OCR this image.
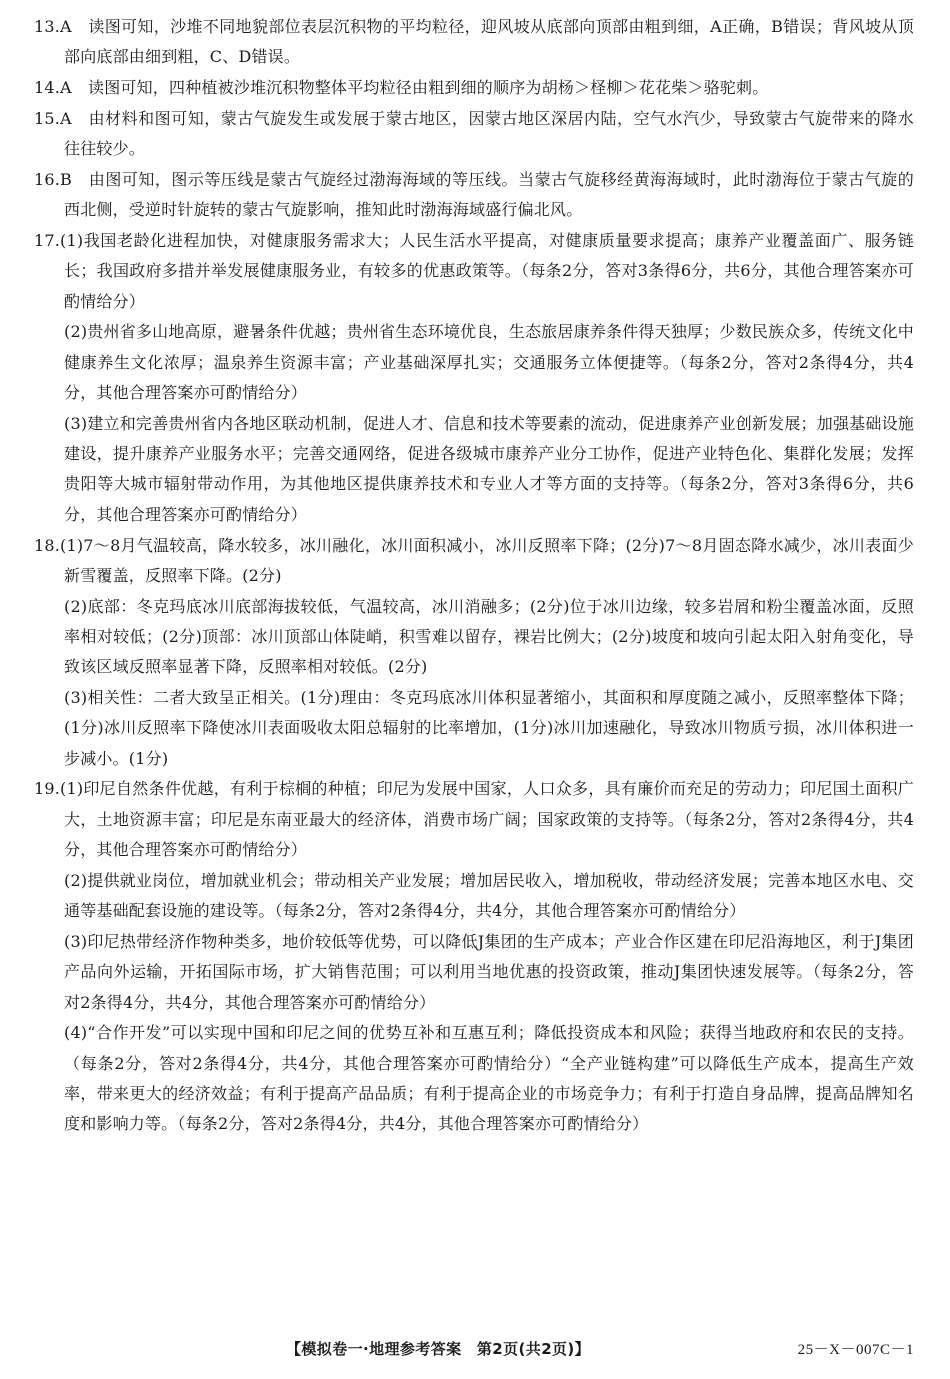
13.A　读图可知，沙堆不同地貌部位表层沉积物的平均粒径，迎风坡从底部向顶部由粗到细，A正确，B错误；背风坡从顶部向底部由细到粗，C、D错误。

14.A　读图可知，四种植被沙堆沉积物整体平均粒径由粗到细的顺序为胡杨＞柽柳＞花花柴＞骆驼刺。

15.A　由材料和图可知，蒙古气旋发生或发展于蒙古地区，因蒙古地区深居内陆，空气水汽少，导致蒙古气旋带来的降水往往较少。

16.B　由图可知，图示等压线是蒙古气旋经过渤海海域的等压线。当蒙古气旋移经黄海海域时，此时渤海位于蒙古气旋的西北侧，受逆时针旋转的蒙古气旋影响，推知此时渤海海域盛行偏北风。

17.(1)我国老龄化进程加快，对健康服务需求大；人民生活水平提高，对健康质量要求提高；康养产业覆盖面广、服务链长；我国政府多措并举发展健康服务业，有较多的优惠政策等。（每条2分，答对3条得6分，共6分，其他合理答案亦可酌情给分）

(2)贵州省多山地高原，避暑条件优越；贵州省生态环境优良，生态旅居康养条件得天独厚；少数民族众多，传统文化中健康养生文化浓厚；温泉养生资源丰富；产业基础深厚扎实；交通服务立体便捷等。（每条2分，答对2条得4分，共4分，其他合理答案亦可酌情给分）

(3)建立和完善贵州省内各地区联动机制，促进人才、信息和技术等要素的流动，促进康养产业创新发展；加强基础设施建设，提升康养产业服务水平；完善交通网络，促进各级城市康养产业分工协作，促进产业特色化、集群化发展；发挥贵阳等大城市辐射带动作用，为其他地区提供康养技术和专业人才等方面的支持等。（每条2分，答对3条得6分，共6分，其他合理答案亦可酌情给分）

18.(1)7～8月气温较高，降水较多，冰川融化，冰川面积减小，冰川反照率下降；(2分)7～8月固态降水减少，冰川表面少新雪覆盖，反照率下降。(2分)

(2)底部：冬克玛底冰川底部海拔较低，气温较高，冰川消融多；(2分)位于冰川边缘，较多岩屑和粉尘覆盖冰面，反照率相对较低；(2分)顶部：冰川顶部山体陡峭，积雪难以留存，裸岩比例大；(2分)坡度和坡向引起太阳入射角变化，导致该区域反照率显著下降，反照率相对较低。(2分)

(3)相关性：二者大致呈正相关。(1分)理由：冬克玛底冰川体积显著缩小，其面积和厚度随之减小，反照率整体下降；(1分)冰川反照率下降使冰川表面吸收太阳总辐射的比率增加，(1分)冰川加速融化，导致冰川物质亏损，冰川体积进一步减小。(1分)

19.(1)印尼自然条件优越，有利于棕榈的种植；印尼为发展中国家，人口众多，具有廉价而充足的劳动力；印尼国土面积广大，土地资源丰富；印尼是东南亚最大的经济体，消费市场广阔；国家政策的支持等。（每条2分，答对2条得4分，共4分，其他合理答案亦可酌情给分）

(2)提供就业岗位，增加就业机会；带动相关产业发展；增加居民收入，增加税收，带动经济发展；完善本地区水电、交通等基础配套设施的建设等。（每条2分，答对2条得4分，共4分，其他合理答案亦可酌情给分）

(3)印尼热带经济作物种类多，地价较低等优势，可以降低J集团的生产成本；产业合作区建在印尼沿海地区，利于J集团产品向外运输，开拓国际市场，扩大销售范围；可以利用当地优惠的投资政策，推动J集团快速发展等。（每条2分，答对2条得4分，共4分，其他合理答案亦可酌情给分）

(4)“合作开发”可以实现中国和印尼之间的优势互补和互惠互利；降低投资成本和风险；获得当地政府和农民的支持。（每条2分，答对2条得4分，共4分，其他合理答案亦可酌情给分）“全产业链构建”可以降低生产成本，提高生产效率，带来更大的经济效益；有利于提高产品品质；有利于提高企业的市场竞争力；有利于打造自身品牌，提高品牌知名度和影响力等。（每条2分，答对2条得4分，共4分，其他合理答案亦可酌情给分）

【模拟卷一·地理参考答案　第2页(共2页)】	25－X－007C－1
